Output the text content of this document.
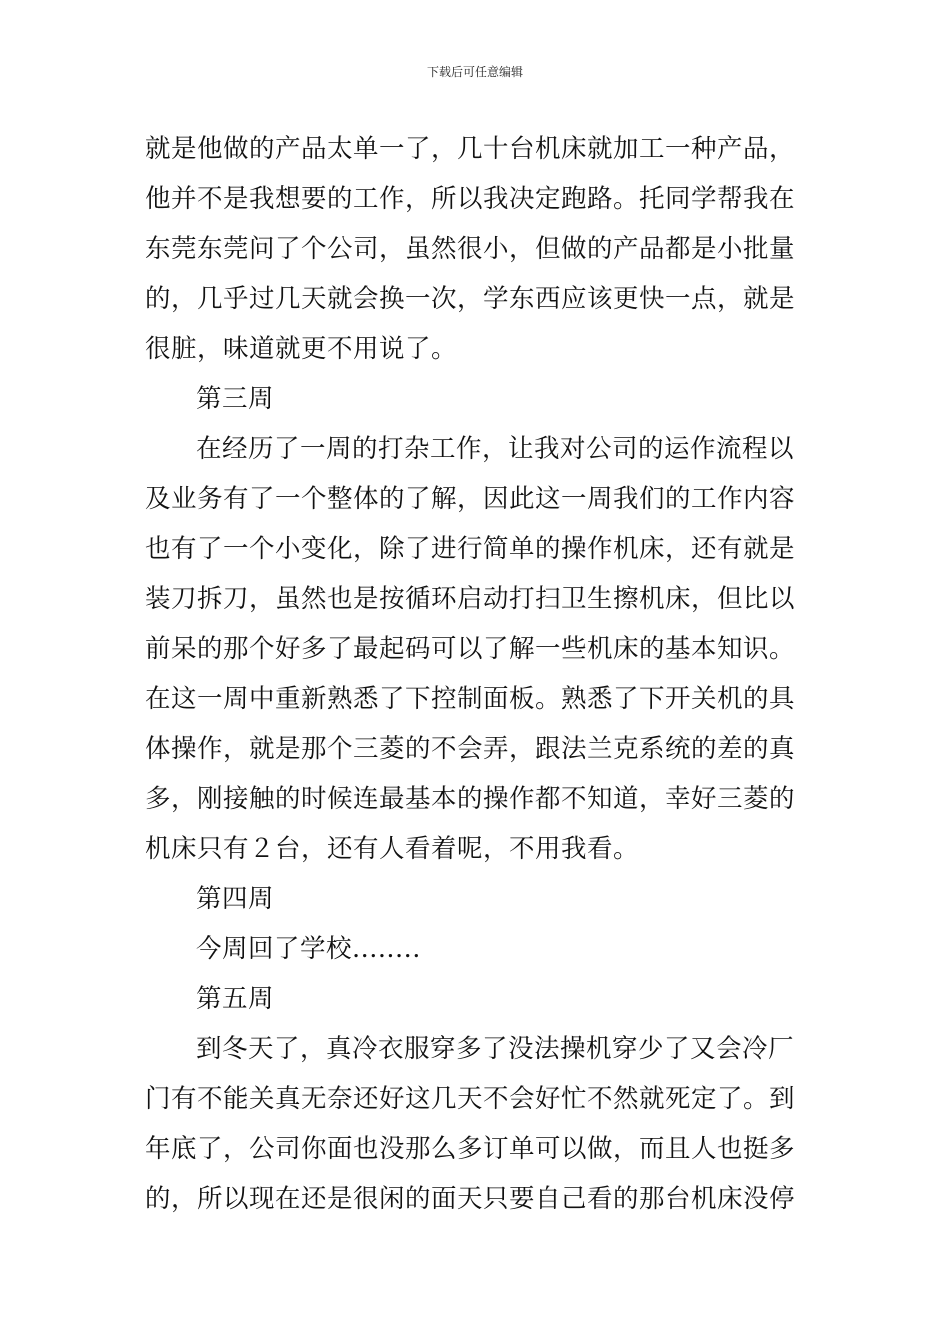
下载后可任意编辑
就是他做的产品太单一了，几十台机床就加工一种产品，
他并不是我想要的工作，所以我决定跑路。托同学帮我在
东莞东莞问了个公司，虽然很小，但做的产品都是小批量
的，几乎过几天就会换一次，学东西应该更快一点，就是
很脏，味道就更不用说了。
第三周
在经历了一周的打杂工作，让我对公司的运作流程以
及业务有了一个整体的了解，因此这一周我们的工作内容
也有了一个小变化，除了进行简单的操作机床，还有就是
装刀拆刀，虽然也是按循环启动打扫卫生擦机床，但比以
前呆的那个好多了最起码可以了解一些机床的基本知识。
在这一周中重新熟悉了下控制面板。熟悉了下开关机的具
体操作，就是那个三菱的不会弄，跟法兰克系统的差的真
多，刚接触的时候连最基本的操作都不知道，幸好三菱的
机床只有２台，还有人看着呢，不用我看。
第四周
今周回了学校........
第五周
到冬天了，真冷衣服穿多了没法操机穿少了又会冷厂
门有不能关真无奈还好这几天不会好忙不然就死定了。到
年底了，公司你面也没那么多订单可以做，而且人也挺多
的，所以现在还是很闲的面天只要自己看的那台机床没停
